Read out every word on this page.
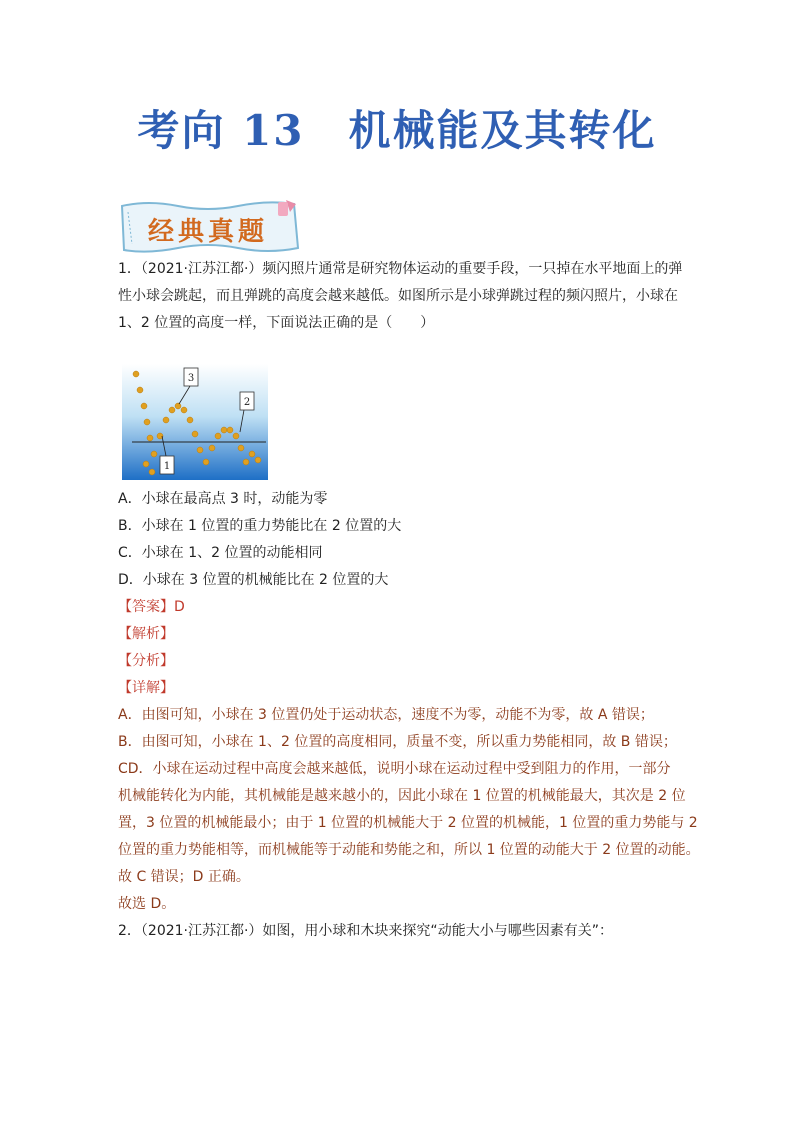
考向 13　机械能及其转化
经典真题
1．（2021·江苏江都·）频闪照片通常是研究物体运动的重要手段，一只掉在水平地面上的弹
性小球会跳起，而且弹跳的高度会越来越低。如图所示是小球弹跳过程的频闪照片，小球在
1、2 位置的高度一样，下面说法正确的是（　　）
3
2
1
A．小球在最高点 3 时，动能为零
B．小球在 1 位置的重力势能比在 2 位置的大
C．小球在 1、2 位置的动能相同
D．小球在 3 位置的机械能比在 2 位置的大
【答案】D
【解析】
【分析】
【详解】
A．由图可知，小球在 3 位置仍处于运动状态，速度不为零，动能不为零，故 A 错误；
B．由图可知，小球在 1、2 位置的高度相同，质量不变，所以重力势能相同，故 B 错误；
CD．小球在运动过程中高度会越来越低，说明小球在运动过程中受到阻力的作用，一部分
机械能转化为内能，其机械能是越来越小的，因此小球在 1 位置的机械能最大，其次是 2 位
置，3 位置的机械能最小；由于 1 位置的机械能大于 2 位置的机械能，1 位置的重力势能与 2
位置的重力势能相等，而机械能等于动能和势能之和，所以 1 位置的动能大于 2 位置的动能。
故 C 错误；D 正确。
故选 D。
2．（2021·江苏江都·）如图，用小球和木块来探究“动能大小与哪些因素有关”：
